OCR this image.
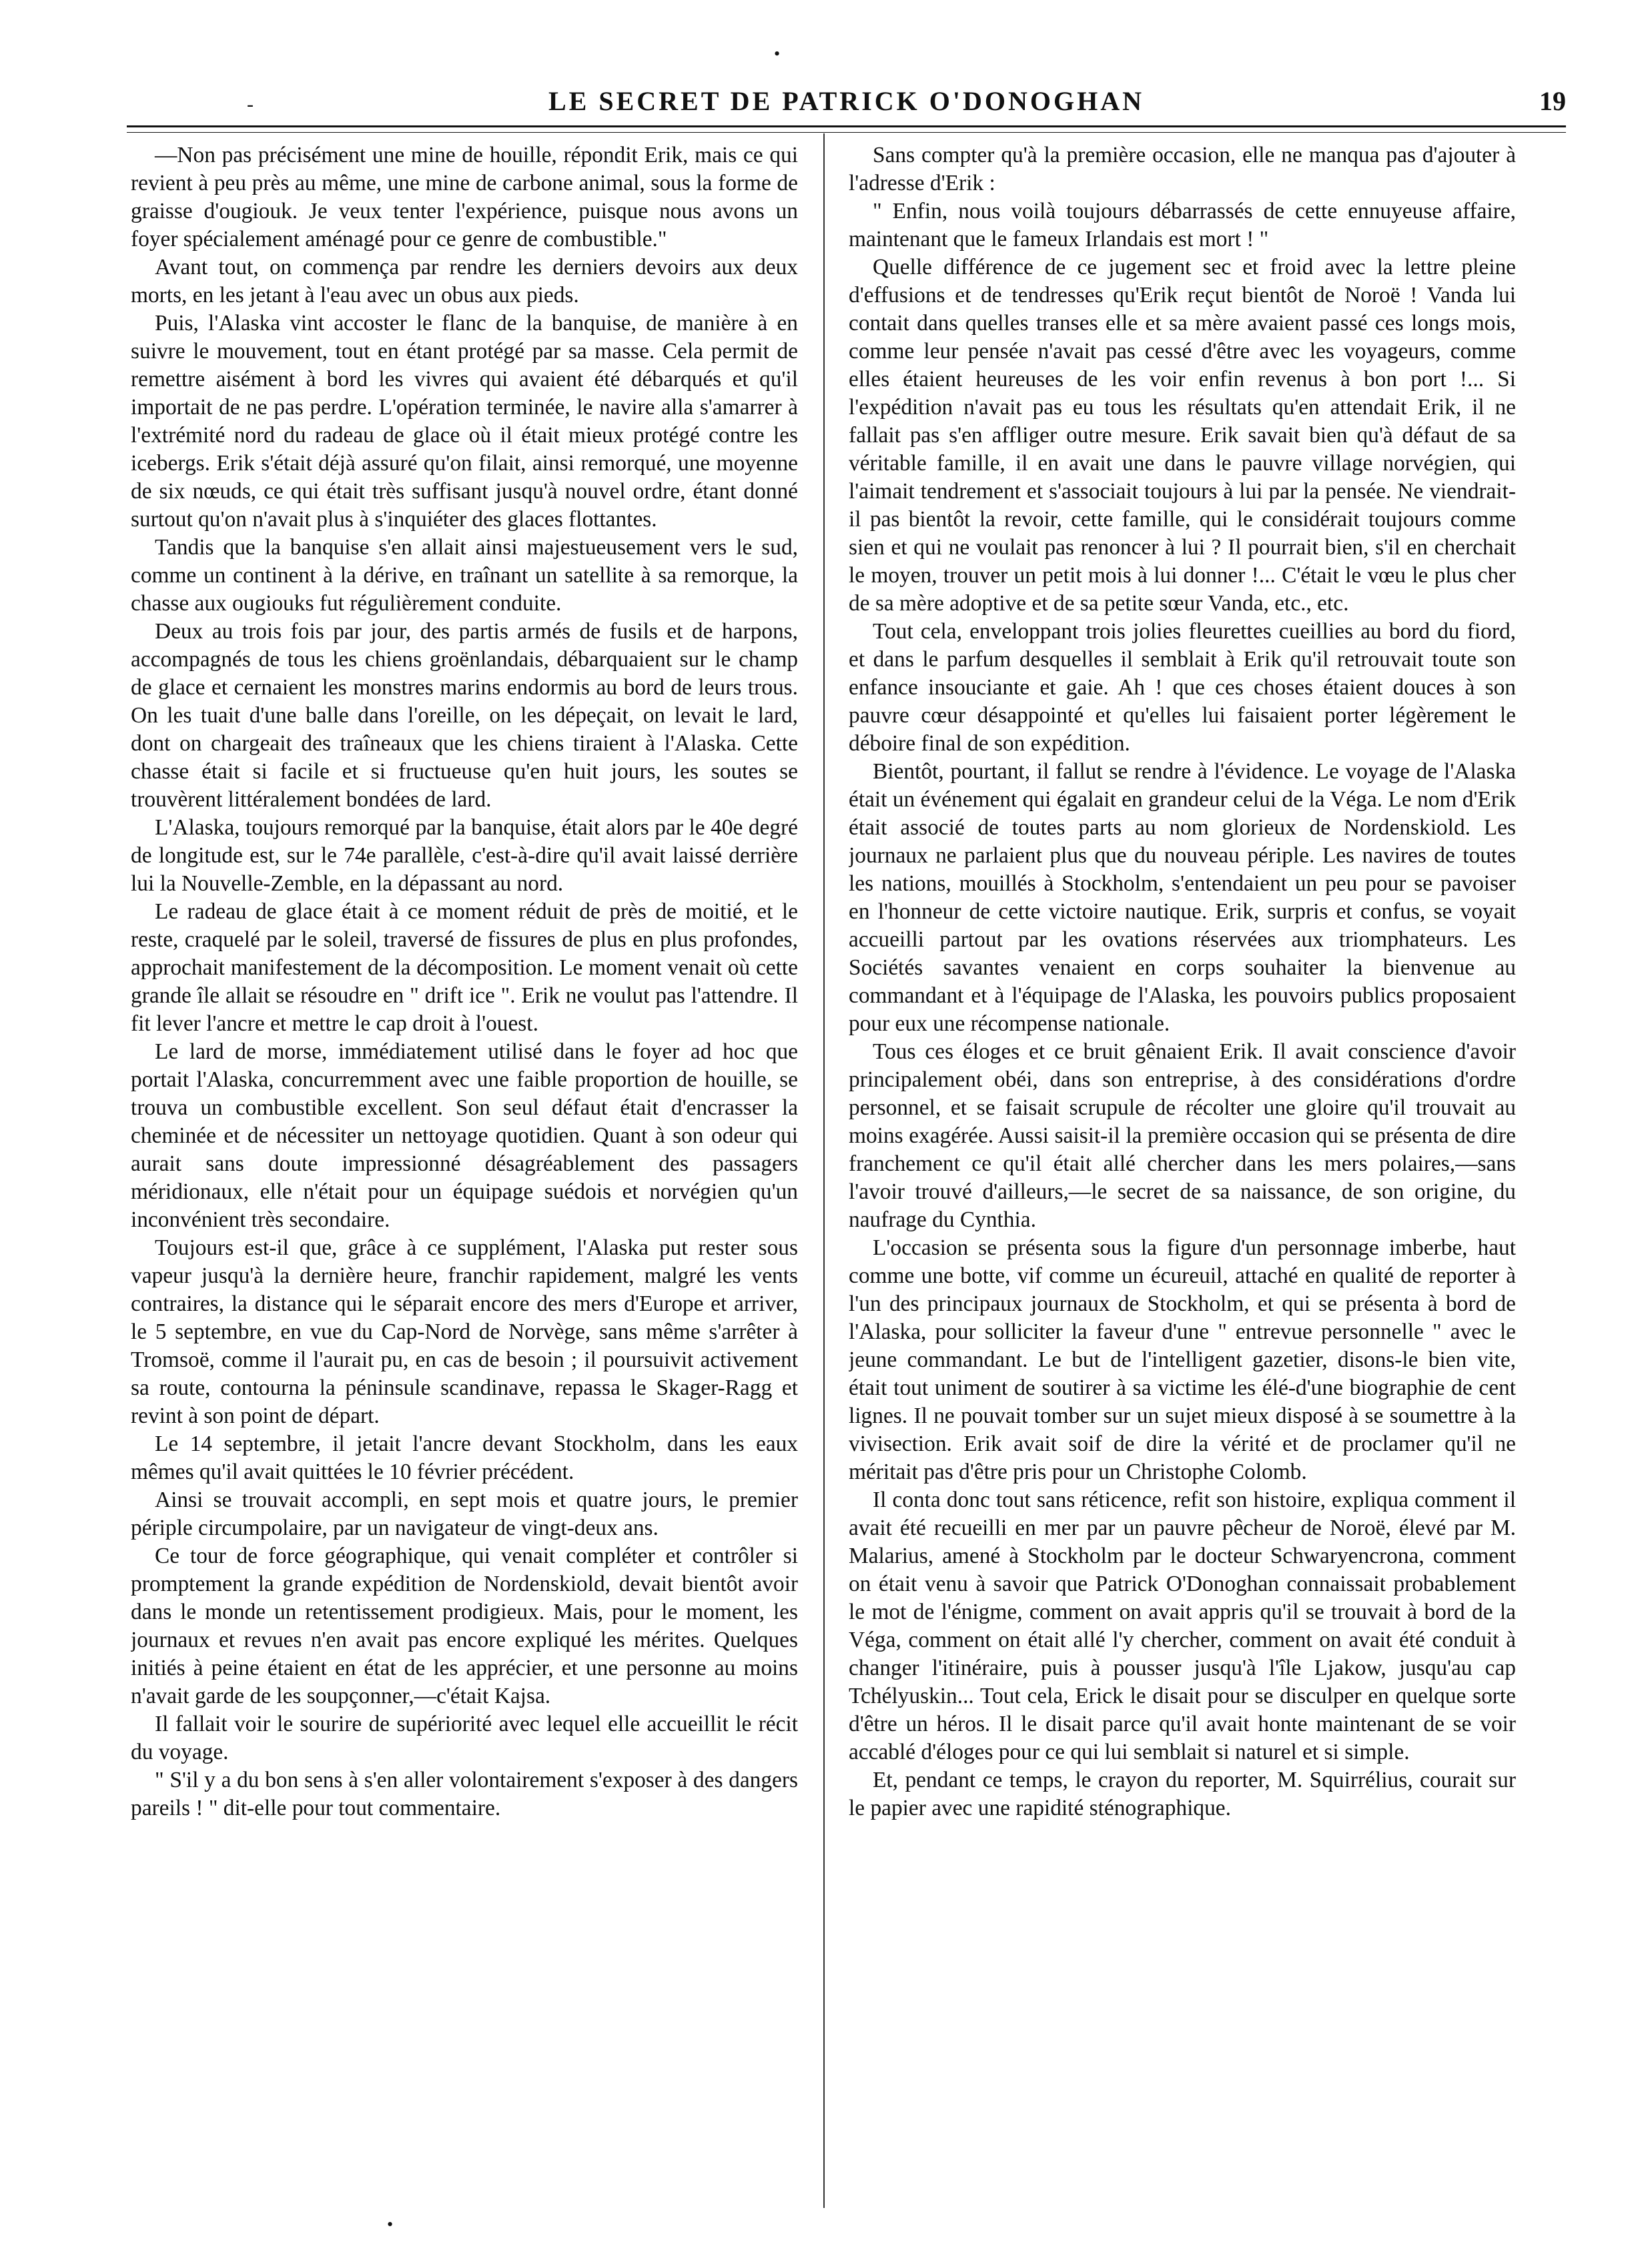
-	LE SECRET DE PATRICK O'DONOGHAN	19

—Non pas précisément une mine de houille, répondit Erik, mais ce qui revient à peu près au même, une mine de carbone animal, sous la forme de graisse d'ougiouk. Je veux tenter l'expérience, puisque nous avons un foyer spécialement aménagé pour ce genre de combustible."

Avant tout, on commença par rendre les derniers devoirs aux deux morts, en les jetant à l'eau avec un obus aux pieds.

Puis, l'Alaska vint accoster le flanc de la banquise, de manière à en suivre le mouvement, tout en étant protégé par sa masse. Cela permit de remettre aisément à bord les vivres qui avaient été débarqués et qu'il importait de ne pas perdre. L'opération terminée, le navire alla s'amarrer à l'extrémité nord du radeau de glace où il était mieux protégé contre les icebergs. Erik s'était déjà assuré qu'on filait, ainsi remorqué, une moyenne de six nœuds, ce qui était très suffisant jusqu'à nouvel ordre, étant donné surtout qu'on n'avait plus à s'inquiéter des glaces flottantes.

Tandis que la banquise s'en allait ainsi majestueusement vers le sud, comme un continent à la dérive, en traînant un satellite à sa remorque, la chasse aux ougiouks fut régulièrement conduite.

Deux au trois fois par jour, des partis armés de fusils et de harpons, accompagnés de tous les chiens groënlandais, débarquaient sur le champ de glace et cernaient les monstres marins endormis au bord de leurs trous. On les tuait d'une balle dans l'oreille, on les dépeçait, on levait le lard, dont on chargeait des traîneaux que les chiens tiraient à l'Alaska. Cette chasse était si facile et si fructueuse qu'en huit jours, les soutes se trouvèrent littéralement bondées de lard.

L'Alaska, toujours remorqué par la banquise, était alors par le 40e degré de longitude est, sur le 74e parallèle, c'est-à-dire qu'il avait laissé derrière lui la Nouvelle-Zemble, en la dépassant au nord.

Le radeau de glace était à ce moment réduit de près de moitié, et le reste, craquelé par le soleil, traversé de fissures de plus en plus profondes, approchait manifestement de la décomposition. Le moment venait où cette grande île allait se résoudre en " drift ice ". Erik ne voulut pas l'attendre. Il fit lever l'ancre et mettre le cap droit à l'ouest.

Le lard de morse, immédiatement utilisé dans le foyer ad hoc que portait l'Alaska, concurremment avec une faible proportion de houille, se trouva un combustible excellent. Son seul défaut était d'encrasser la cheminée et de nécessiter un nettoyage quotidien. Quant à son odeur qui aurait sans doute impressionné désagréablement des passagers méridionaux, elle n'était pour un équipage suédois et norvégien qu'un inconvénient très secondaire.

Toujours est-il que, grâce à ce supplément, l'Alaska put rester sous vapeur jusqu'à la dernière heure, franchir rapidement, malgré les vents contraires, la distance qui le séparait encore des mers d'Europe et arriver, le 5 septembre, en vue du Cap-Nord de Norvège, sans même s'arrêter à Tromsoë, comme il l'aurait pu, en cas de besoin ; il poursuivit activement sa route, contourna la péninsule scandinave, repassa le Skager-Ragg et revint à son point de départ.

Le 14 septembre, il jetait l'ancre devant Stockholm, dans les eaux mêmes qu'il avait quittées le 10 février précédent.

Ainsi se trouvait accompli, en sept mois et quatre jours, le premier périple circumpolaire, par un navigateur de vingt-deux ans.

Ce tour de force géographique, qui venait compléter et contrôler si promptement la grande expédition de Nordenskiold, devait bientôt avoir dans le monde un retentissement prodigieux. Mais, pour le moment, les journaux et revues n'en avait pas encore expliqué les mérites. Quelques initiés à peine étaient en état de les apprécier, et une personne au moins n'avait garde de les soupçonner,—c'était Kajsa.

Il fallait voir le sourire de supériorité avec lequel elle accueillit le récit du voyage.

" S'il y a du bon sens à s'en aller volontairement s'exposer à des dangers pareils ! " dit-elle pour tout commentaire.

Sans compter qu'à la première occasion, elle ne manqua pas d'ajouter à l'adresse d'Erik :

" Enfin, nous voilà toujours débarrassés de cette ennuyeuse affaire, maintenant que le fameux Irlandais est mort ! "

Quelle différence de ce jugement sec et froid avec la lettre pleine d'effusions et de tendresses qu'Erik reçut bientôt de Noroë ! Vanda lui contait dans quelles transes elle et sa mère avaient passé ces longs mois, comme leur pensée n'avait pas cessé d'être avec les voyageurs, comme elles étaient heureuses de les voir enfin revenus à bon port !... Si l'expédition n'avait pas eu tous les résultats qu'en attendait Erik, il ne fallait pas s'en affliger outre mesure. Erik savait bien qu'à défaut de sa véritable famille, il en avait une dans le pauvre village norvégien, qui l'aimait tendrement et s'associait toujours à lui par la pensée. Ne viendrait-il pas bientôt la revoir, cette famille, qui le considérait toujours comme sien et qui ne voulait pas renoncer à lui ? Il pourrait bien, s'il en cherchait le moyen, trouver un petit mois à lui donner !... C'était le vœu le plus cher de sa mère adoptive et de sa petite sœur Vanda, etc., etc.

Tout cela, enveloppant trois jolies fleurettes cueillies au bord du fiord, et dans le parfum desquelles il semblait à Erik qu'il retrouvait toute son enfance insouciante et gaie. Ah ! que ces choses étaient douces à son pauvre cœur désappointé et qu'elles lui faisaient porter légèrement le déboire final de son expédition.

Bientôt, pourtant, il fallut se rendre à l'évidence. Le voyage de l'Alaska était un événement qui égalait en grandeur celui de la Véga. Le nom d'Erik était associé de toutes parts au nom glorieux de Nordenskiold. Les journaux ne parlaient plus que du nouveau périple. Les navires de toutes les nations, mouillés à Stockholm, s'entendaient un peu pour se pavoiser en l'honneur de cette victoire nautique. Erik, surpris et confus, se voyait accueilli partout par les ovations réservées aux triomphateurs. Les Sociétés savantes venaient en corps souhaiter la bienvenue au commandant et à l'équipage de l'Alaska, les pouvoirs publics proposaient pour eux une récompense nationale.

Tous ces éloges et ce bruit gênaient Erik. Il avait conscience d'avoir principalement obéi, dans son entreprise, à des considérations d'ordre personnel, et se faisait scrupule de récolter une gloire qu'il trouvait au moins exagérée. Aussi saisit-il la première occasion qui se présenta de dire franchement ce qu'il était allé chercher dans les mers polaires,—sans l'avoir trouvé d'ailleurs,—le secret de sa naissance, de son origine, du naufrage du Cynthia.

L'occasion se présenta sous la figure d'un personnage imberbe, haut comme une botte, vif comme un écureuil, attaché en qualité de reporter à l'un des principaux journaux de Stockholm, et qui se présenta à bord de l'Alaska, pour solliciter la faveur d'une " entrevue personnelle " avec le jeune commandant. Le but de l'intelligent gazetier, disons-le bien vite, était tout uniment de soutirer à sa victime les élé-d'une biographie de cent lignes. Il ne pouvait tomber sur un sujet mieux disposé à se soumettre à la vivisection. Erik avait soif de dire la vérité et de proclamer qu'il ne méritait pas d'être pris pour un Christophe Colomb.

Il conta donc tout sans réticence, refit son histoire, expliqua comment il avait été recueilli en mer par un pauvre pêcheur de Noroë, élevé par M. Malarius, amené à Stockholm par le docteur Schwaryencrona, comment on était venu à savoir que Patrick O'Donoghan connaissait probablement le mot de l'énigme, comment on avait appris qu'il se trouvait à bord de la Véga, comment on était allé l'y chercher, comment on avait été conduit à changer l'itinéraire, puis à pousser jusqu'à l'île Ljakow, jusqu'au cap Tchélyuskin... Tout cela, Erick le disait pour se disculper en quelque sorte d'être un héros. Il le disait parce qu'il avait honte maintenant de se voir accablé d'éloges pour ce qui lui semblait si naturel et si simple.

Et, pendant ce temps, le crayon du reporter, M. Squirrélius, courait sur le papier avec une rapidité sténographique.

•
•
